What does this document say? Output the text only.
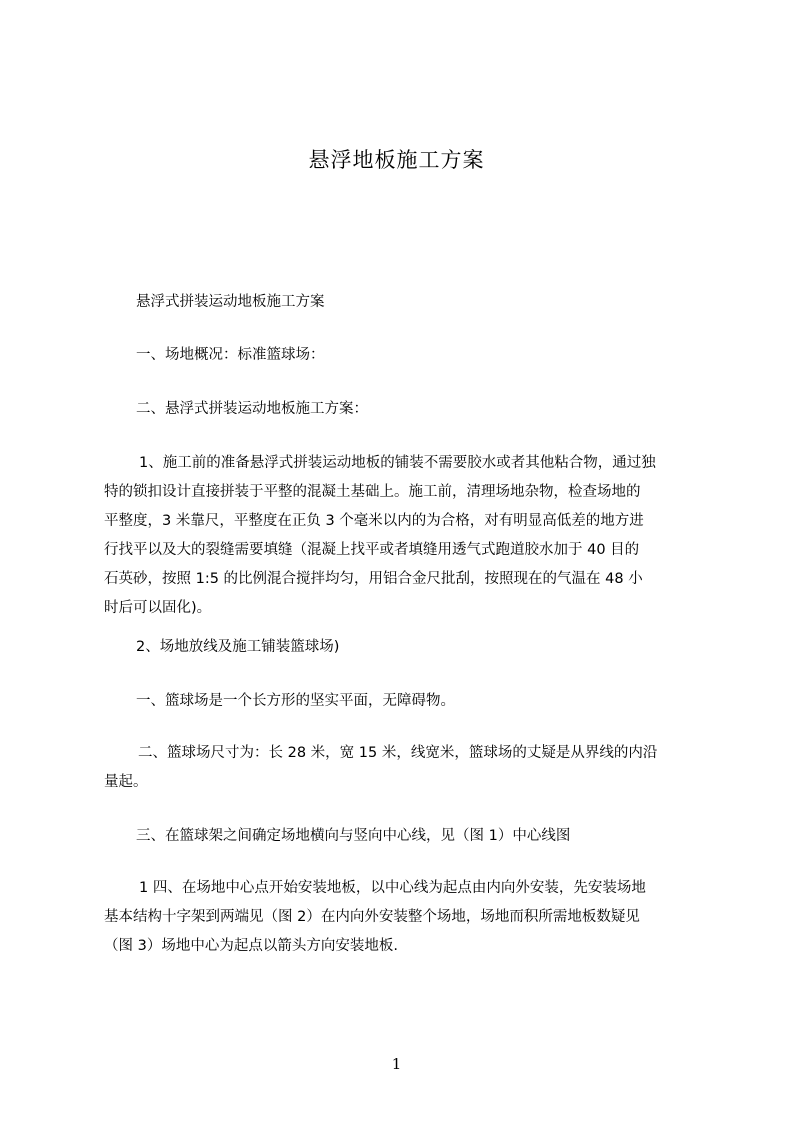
悬浮地板施工方案
悬浮式拼装运动地板施工方案
一、场地概况：标准篮球场：
二、悬浮式拼装运动地板施工方案：
1、施工前的准备悬浮式拼装运动地板的铺装不需要胶水或者其他粘合物，通过独
特的锁扣设计直接拼装于平整的混凝土基础上。施工前，清理场地杂物，检查场地的
平整度，3 米靠尺，平整度在正负 3 个毫米以内的为合格，对有明显高低差的地方进
行找平以及大的裂缝需要填缝（混凝上找平或者填缝用透气式跑道胶水加于 40 目的
石英砂，按照 1:5 的比例混合搅拌均匀，用铝合金尺批刮，按照现在的气温在 48 小
时后可以固化)。
2、场地放线及施工铺装篮球场)
一、篮球场是一个长方形的坚实平面，无障碍物。
二、篮球场尺寸为：长 28 米，宽 15 米，线宽米，篮球场的丈疑是从界线的内沿
量起。
三、在篮球架之间确定场地横向与竖向中心线，见（图 1）中心线图
1 四、在场地中心点开始安装地板，以中心线为起点由内向外安装，先安装场地
基本结构十字架到两端见（图 2）在内向外安装整个场地，场地而积所需地板数疑见
（图 3）场地中心为起点以箭头方向安装地板.
1
